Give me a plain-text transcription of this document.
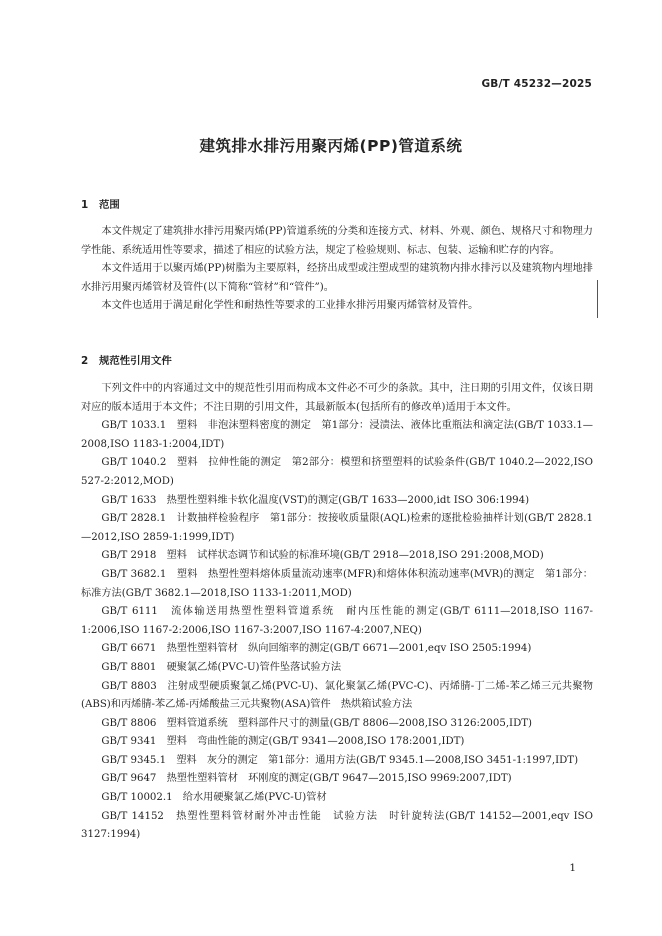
GB/T 45232—2025
建筑排水排污用聚丙烯(PP)管道系统
1 范围

本文件规定了建筑排水排污用聚丙烯(PP)管道系统的分类和连接方式、材料、外观、颜色、规格尺寸和物理力学性能、系统适用性等要求，描述了相应的试验方法，规定了检验规则、标志、包装、运输和贮存的内容。

本文件适用于以聚丙烯(PP)树脂为主要原料，经挤出成型或注塑成型的建筑物内排水排污以及建筑物内埋地排水排污用聚丙烯管材及管件(以下简称“管材”和“管件”)。

本文件也适用于满足耐化学性和耐热性等要求的工业排水排污用聚丙烯管材及管件。

2 规范性引用文件

下列文件中的内容通过文中的规范性引用而构成本文件必不可少的条款。其中，注日期的引用文件，仅该日期对应的版本适用于本文件；不注日期的引用文件，其最新版本(包括所有的修改单)适用于本文件。

GB/T 1033.1　塑料　非泡沫塑料密度的测定　第1部分：浸渍法、液体比重瓶法和滴定法(GB/T 1033.1—2008,ISO 1183-1:2004,IDT)

GB/T 1040.2　塑料　拉伸性能的测定　第2部分：模塑和挤塑塑料的试验条件(GB/T 1040.2—2022,ISO 527-2:2012,MOD)

GB/T 1633　热塑性塑料维卡软化温度(VST)的测定(GB/T 1633—2000,idt ISO 306:1994)

GB/T 2828.1　计数抽样检验程序　第1部分：按接收质量限(AQL)检索的逐批检验抽样计划(GB/T 2828.1—2012,ISO 2859-1:1999,IDT)

GB/T 2918　塑料　试样状态调节和试验的标准环境(GB/T 2918—2018,ISO 291:2008,MOD)

GB/T 3682.1　塑料　热塑性塑料熔体质量流动速率(MFR)和熔体体积流动速率(MVR)的测定　第1部分：标准方法(GB/T 3682.1—2018,ISO 1133-1:2011,MOD)

GB/T 6111　流体输送用热塑性塑料管道系统　耐内压性能的测定(GB/T 6111—2018,ISO 1167-1:2006,ISO 1167-2:2006,ISO 1167-3:2007,ISO 1167-4:2007,NEQ)

GB/T 6671　热塑性塑料管材　纵向回缩率的测定(GB/T 6671—2001,eqv ISO 2505:1994)

GB/T 8801　硬聚氯乙烯(PVC-U)管件坠落试验方法

GB/T 8803　注射成型硬质聚氯乙烯(PVC-U)、氯化聚氯乙烯(PVC-C)、丙烯腈-丁二烯-苯乙烯三元共聚物(ABS)和丙烯腈-苯乙烯-丙烯酸盐三元共聚物(ASA)管件　热烘箱试验方法

GB/T 8806　塑料管道系统　塑料部件尺寸的测量(GB/T 8806—2008,ISO 3126:2005,IDT)

GB/T 9341　塑料　弯曲性能的测定(GB/T 9341—2008,ISO 178:2001,IDT)

GB/T 9345.1　塑料　灰分的测定　第1部分：通用方法(GB/T 9345.1—2008,ISO 3451-1:1997,IDT)

GB/T 9647　热塑性塑料管材　环刚度的测定(GB/T 9647—2015,ISO 9969:2007,IDT)

GB/T 10002.1　给水用硬聚氯乙烯(PVC-U)管材

GB/T 14152　热塑性塑料管材耐外冲击性能　试验方法　时针旋转法(GB/T 14152—2001,eqv ISO 3127:1994)

1
